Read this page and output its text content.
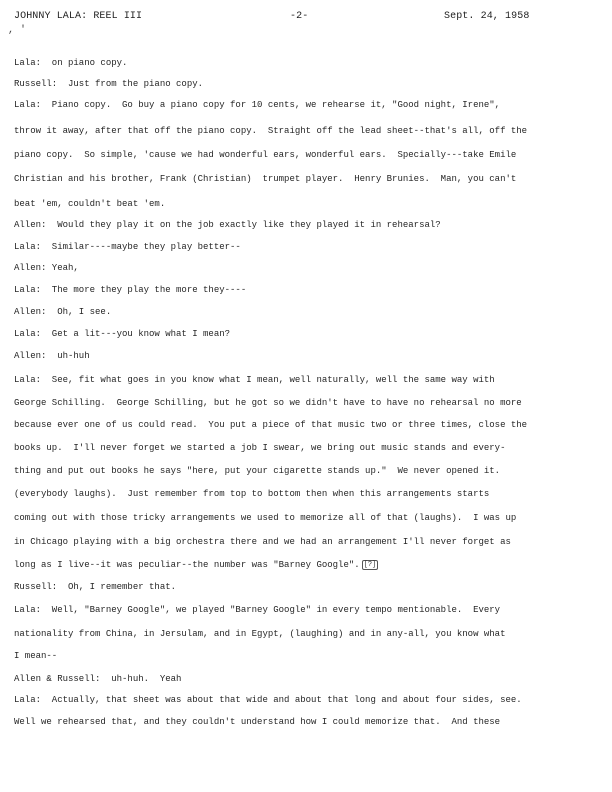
JOHNNY LALA: REEL III	-2-	Sept. 24, 1958
, '
Lala:  on piano copy.
Russell:  Just from the piano copy.
Lala:  Piano copy.  Go buy a piano copy for 10 cents, we rehearse it, "Good night, Irene",
throw it away, after that off the piano copy.  Straight off the lead sheet--that's all, off the
piano copy.  So simple, 'cause we had wonderful ears, wonderful ears.  Specially---take Emile
Christian and his brother, Frank (Christian)  trumpet player.  Henry Brunies.  Man, you can't
beat 'em, couldn't beat 'em.
Allen:  Would they play it on the job exactly like they played it in rehearsal?
Lala:  Similar----maybe they play better--
Allen: Yeah,
Lala:  The more they play the more they----
Allen:  Oh, I see.
Lala:  Get a lit---you know what I mean?
Allen:  uh-huh
Lala:  See, fit what goes in you know what I mean, well naturally, well the same way with
George Schilling.  George Schilling, but he got so we didn't have to have no rehearsal no more
because ever one of us could read.  You put a piece of that music two or three times, close the
books up.  I'll never forget we started a job I swear, we bring out music stands and every-
thing and put out books he says "here, put your cigarette stands up."  We never opened it.
(everybody laughs).  Just remember from top to bottom then when this arrangements starts
coming out with those tricky arrangements we used to memorize all of that (laughs).  I was up
in Chicago playing with a big orchestra there and we had an arrangement I'll never forget as
long as I live--it was peculiar--the number was "Barney Google". [?]
Russell:  Oh, I remember that.
Lala:  Well, "Barney Google", we played "Barney Google" in every tempo mentionable.  Every
nationality from China, in Jersulam, and in Egypt, (laughing) and in any-all, you know what
I mean--
Allen & Russell:  uh-huh.  Yeah
Lala:  Actually, that sheet was about that wide and about that long and about four sides, see.
Well we rehearsed that, and they couldn't understand how I could memorize that.  And these
